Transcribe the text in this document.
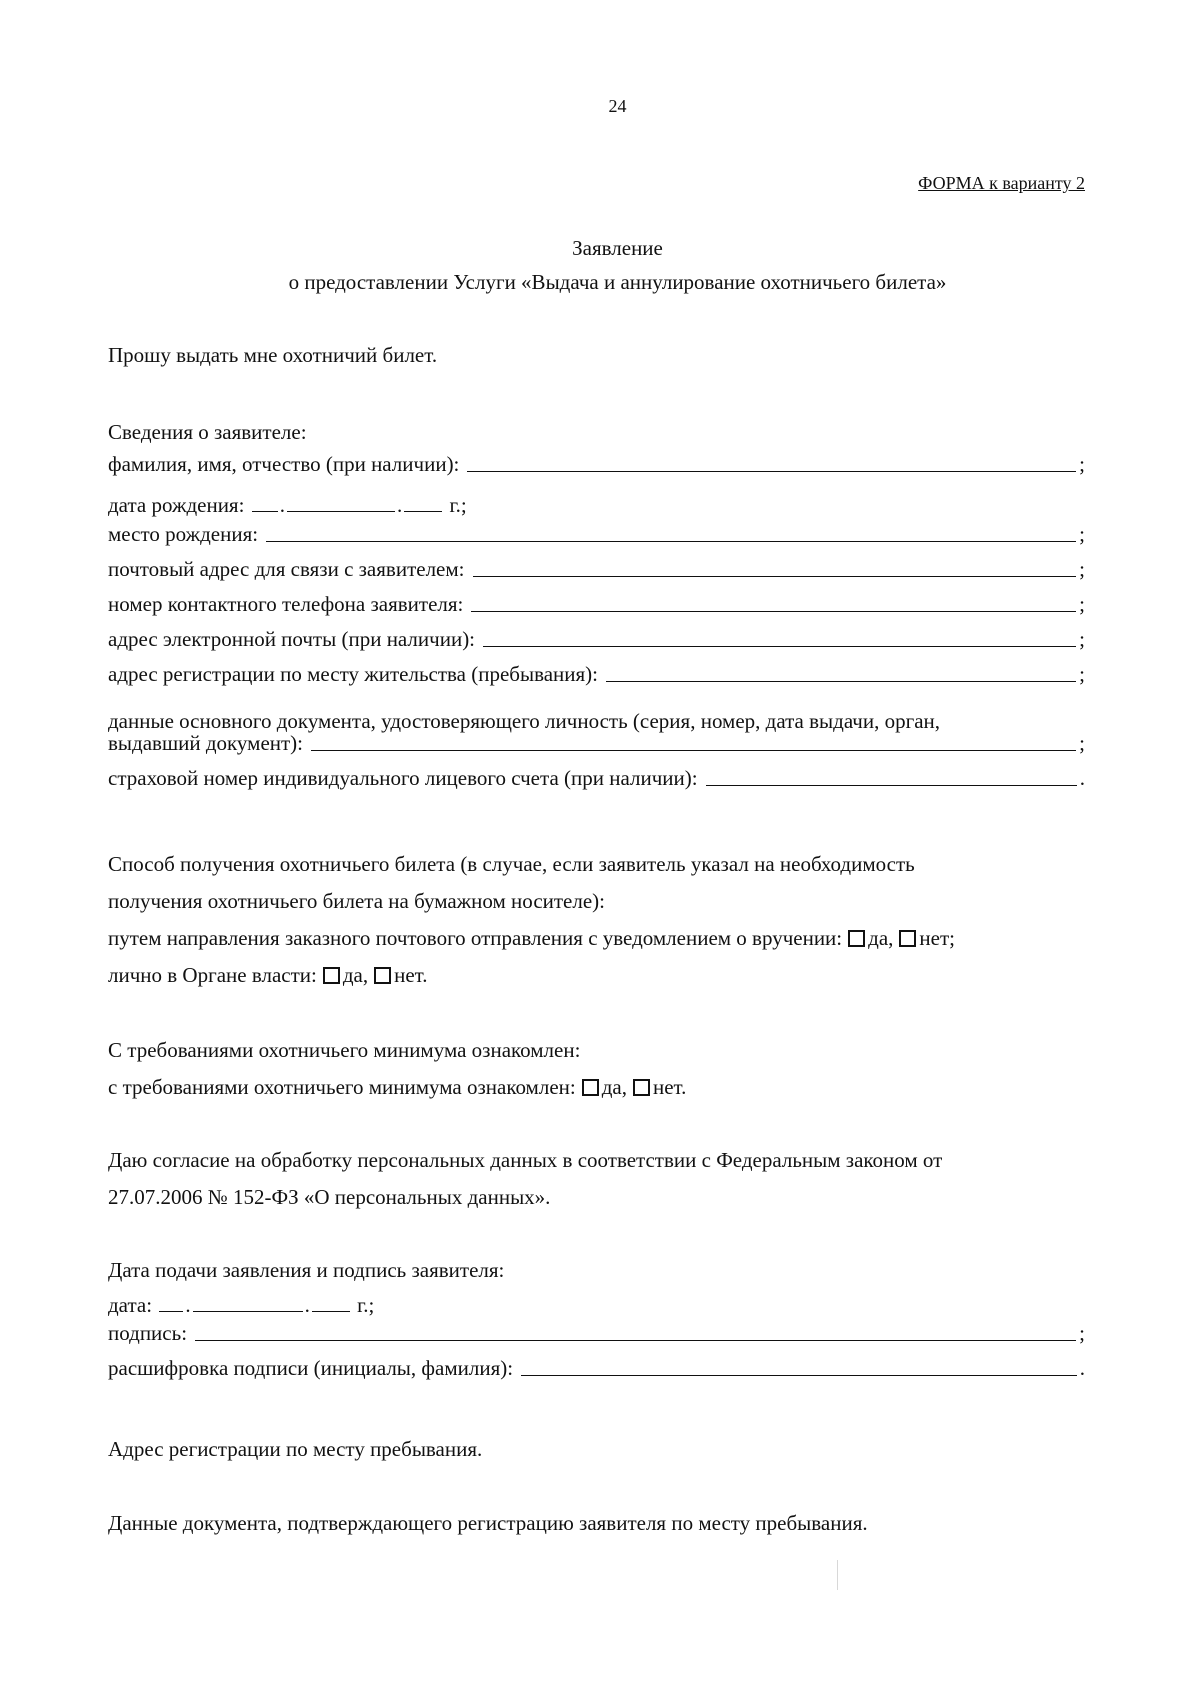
24
ФОРМА к варианту 2
Заявление
о предоставлении Услуги «Выдача и аннулирование охотничьего билета»
Прошу выдать мне охотничий билет.
Сведения о заявителе:
фамилия, имя, отчество (при наличии):	;
дата рождения: .	. г.;
место рождения:	;
почтовый адрес для связи с заявителем:	;
номер контактного телефона заявителя:	;
адрес электронной почты (при наличии):	;
адрес регистрации по месту жительства (пребывания):	;
данные основного документа, удостоверяющего личность (серия, номер, дата выдачи, орган,
выдавший документ):	;
страховой номер индивидуального лицевого счета (при наличии):	.
Способ получения охотничьего билета (в случае, если заявитель указал на необходимость
получения охотничьего билета на бумажном носителе):
путем направления заказного почтового отправления с уведомлением о вручении: да, нет;
лично в Органе власти: да, нет.
С требованиями охотничьего минимума ознакомлен:
с требованиями охотничьего минимума ознакомлен: да, нет.
Даю согласие на обработку персональных данных в соответствии с Федеральным законом от
27.07.2006 № 152-ФЗ «О персональных данных».
Дата подачи заявления и подпись заявителя:
дата: .	. г.;
подпись:	;
расшифровка подписи (инициалы, фамилия):	.
Адрес регистрации по месту пребывания.
Данные документа, подтверждающего регистрацию заявителя по месту пребывания.
